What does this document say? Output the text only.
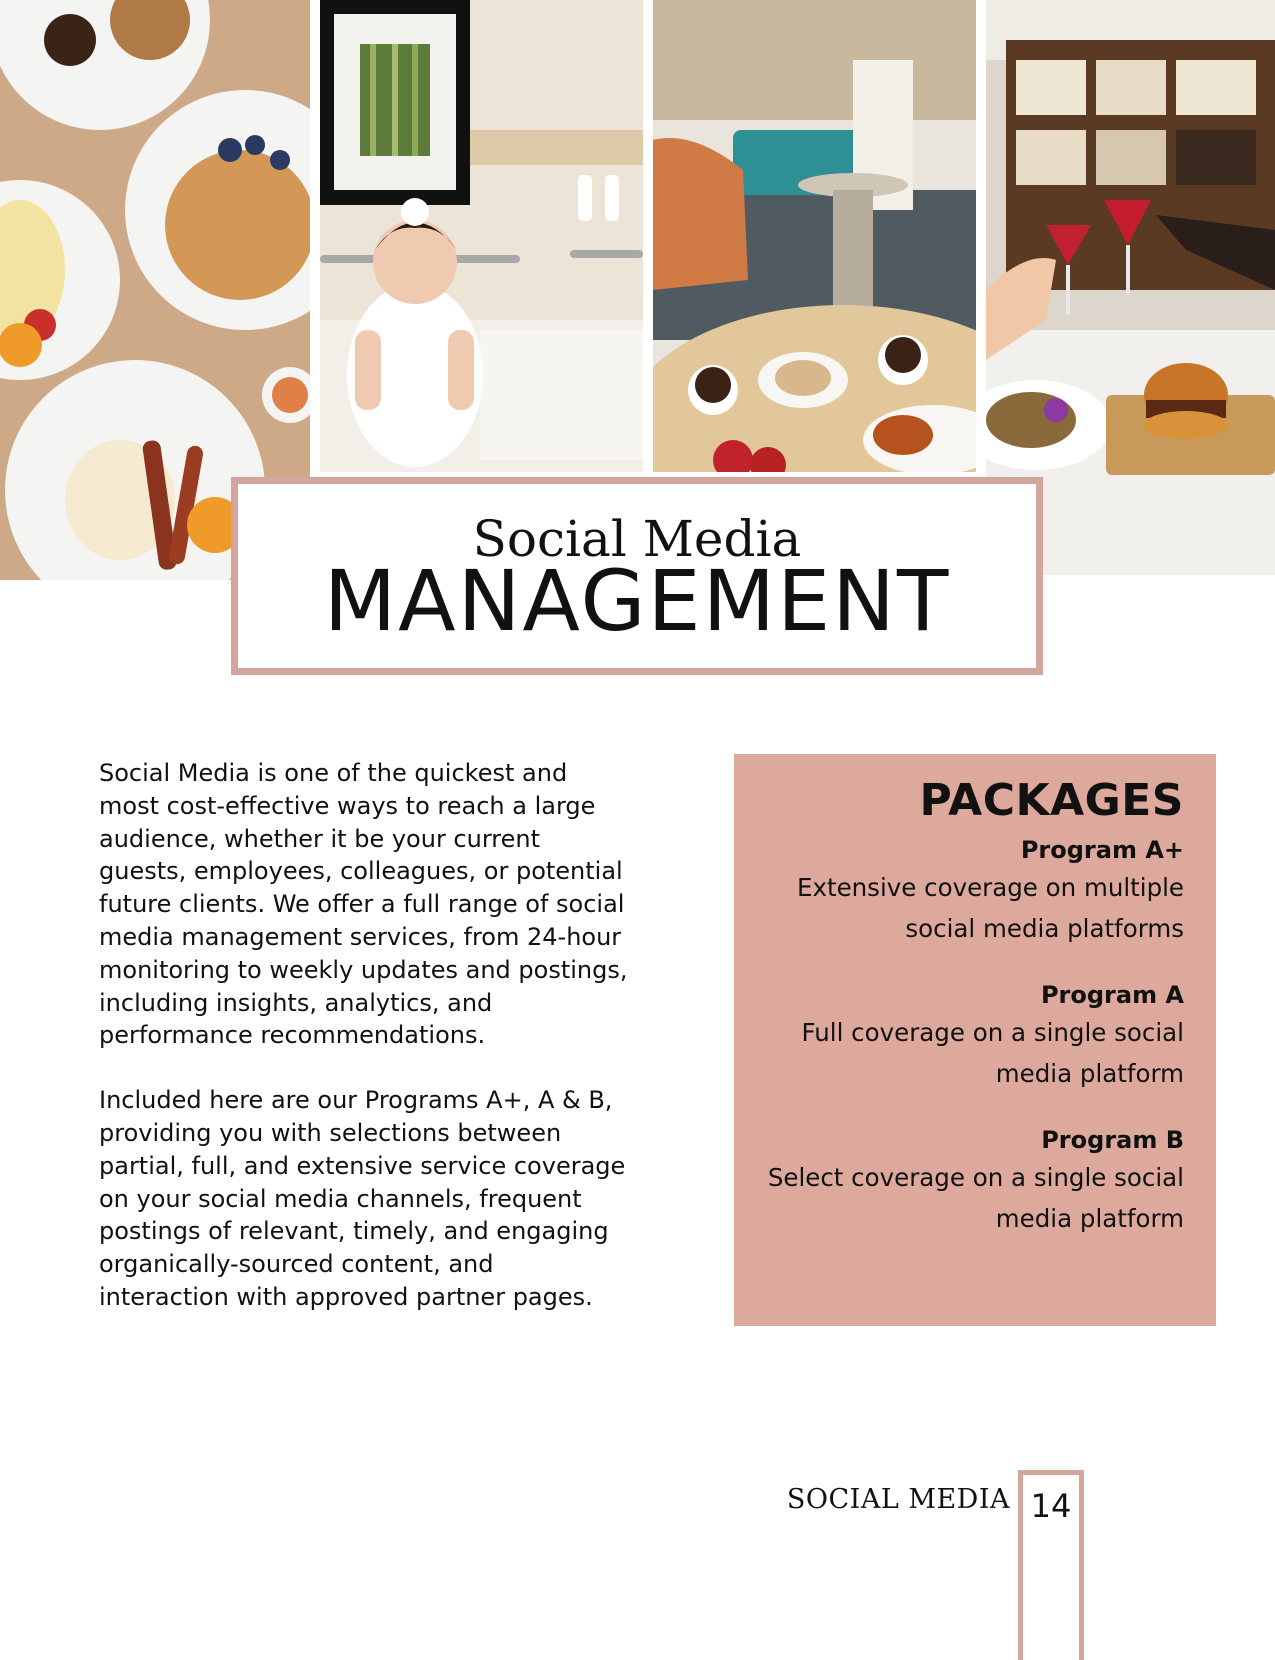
Social Media
MANAGEMENT

Social Media is one of the quickest and most cost-effective ways to reach a large audience, whether it be your current guests, employees, colleagues, or potential future clients. We offer a full range of social media management services, from 24-hour monitoring to weekly updates and postings, including insights, analytics, and performance recommendations.

Included here are our Programs A+, A & B, providing you with selections between partial, full, and extensive service coverage on your social media channels, frequent postings of relevant, timely, and engaging organically-sourced content, and interaction with approved partner pages.

PACKAGES
Program A+
Extensive coverage on multiple social media platforms
Program A
Full coverage on a single social media platform
Program B
Select coverage on a single social media platform
SOCIAL MEDIA 14
